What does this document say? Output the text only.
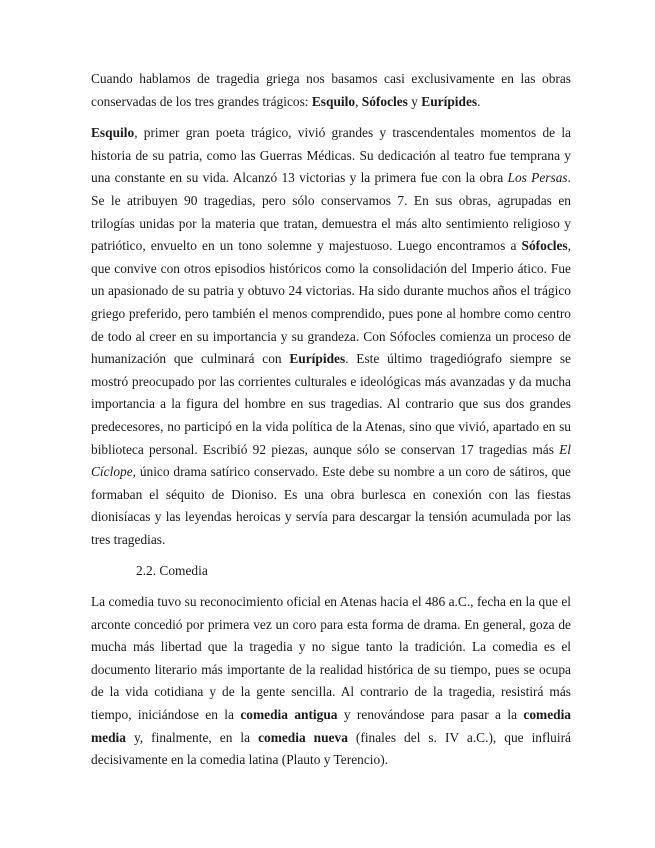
Cuando hablamos de tragedia griega nos basamos casi exclusivamente en las obras conservadas de los tres grandes trágicos: Esquilo, Sófocles y Eurípides.

Esquilo, primer gran poeta trágico, vivió grandes y trascendentales momentos de la historia de su patria, como las Guerras Médicas. Su dedicación al teatro fue temprana y una constante en su vida. Alcanzó 13 victorias y la primera fue con la obra Los Persas. Se le atribuyen 90 tragedias, pero sólo conservamos 7. En sus obras, agrupadas en trilogías unidas por la materia que tratan, demuestra el más alto sentimiento religioso y patriótico, envuelto en un tono solemne y majestuoso. Luego encontramos a Sófocles, que convive con otros episodios históricos como la consolidación del Imperio ático. Fue un apasionado de su patria y obtuvo 24 victorias. Ha sido durante muchos años el trágico griego preferido, pero también el menos comprendido, pues pone al hombre como centro de todo al creer en su importancia y su grandeza. Con Sófocles comienza un proceso de humanización que culminará con Eurípides. Este último tragediógrafo siempre se mostró preocupado por las corrientes culturales e ideológicas más avanzadas y da mucha importancia a la figura del hombre en sus tragedias. Al contrario que sus dos grandes predecesores, no participó en la vida política de la Atenas, sino que vivió, apartado en su biblioteca personal. Escribió 92 piezas, aunque sólo se conservan 17 tragedias más El Cíclope, único drama satírico conservado. Este debe su nombre a un coro de sátiros, que formaban el séquito de Dioniso. Es una obra burlesca en conexión con las fiestas dionisíacas y las leyendas heroicas y servía para descargar la tensión acumulada por las tres tragedias.

2.2. Comedia

La comedia tuvo su reconocimiento oficial en Atenas hacia el 486 a.C., fecha en la que el arconte concedió por primera vez un coro para esta forma de drama. En general, goza de mucha más libertad que la tragedia y no sigue tanto la tradición. La comedia es el documento literario más importante de la realidad histórica de su tiempo, pues se ocupa de la vida cotidiana y de la gente sencilla. Al contrario de la tragedia, resistirá más tiempo, iniciándose en la comedia antigua y renovándose para pasar a la comedia media y, finalmente, en la comedia nueva (finales del s. IV a.C.), que influirá decisivamente en la comedia latina (Plauto y Terencio).
